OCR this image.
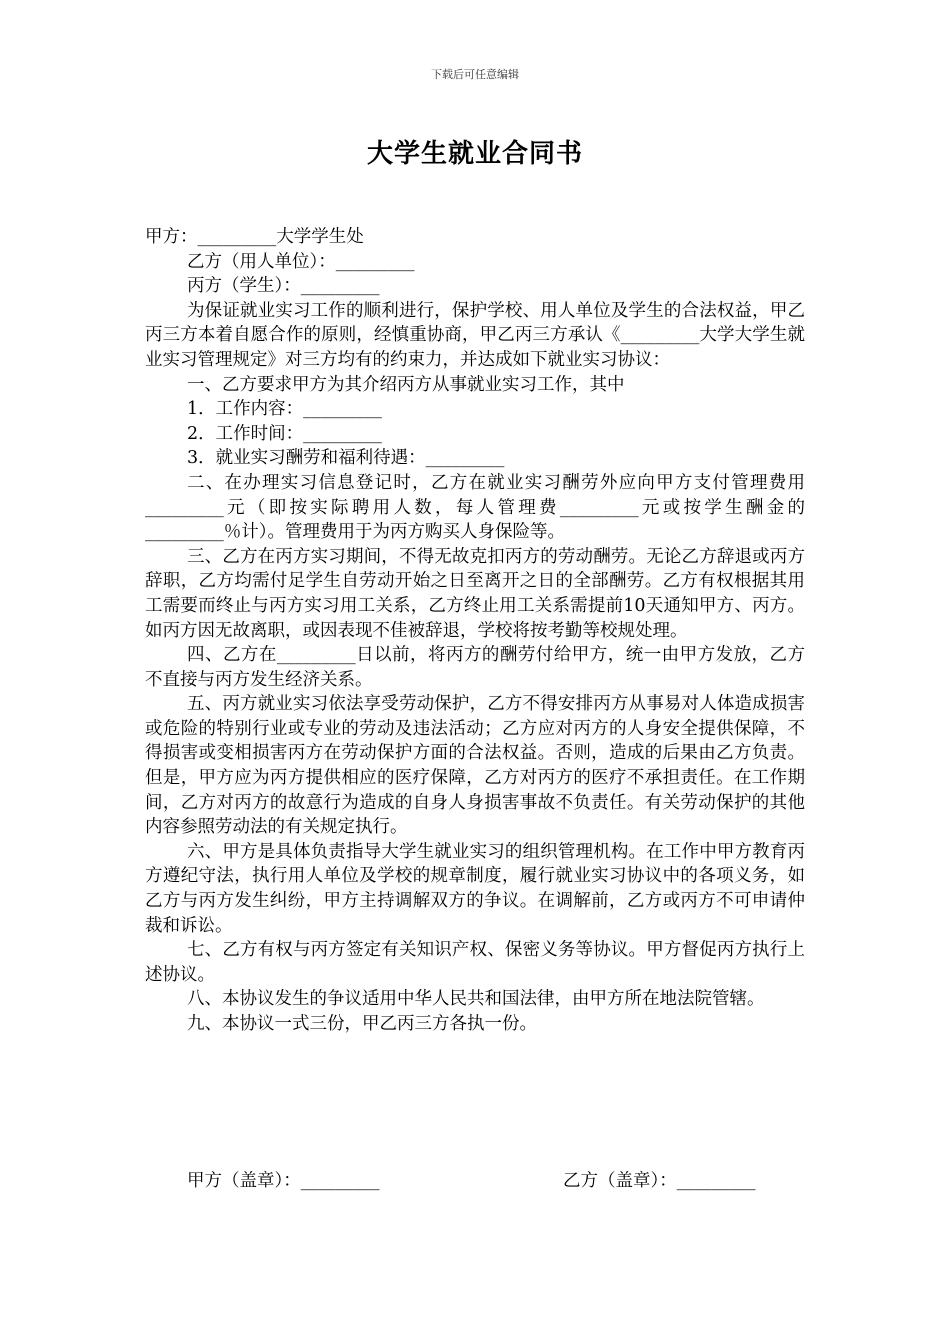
下载后可任意编辑
大学生就业合同书

甲方：_________大学学生处

乙方（用人单位）：_________

丙方（学生）：_________

为保证就业实习工作的顺利进行，保护学校、用人单位及学生的合法权益，甲乙丙三方本着自愿合作的原则，经慎重协商，甲乙丙三方承认《_________大学大学生就业实习管理规定》对三方均有的约束力，并达成如下就业实习协议：

一、乙方要求甲方为其介绍丙方从事就业实习工作，其中

1．工作内容：_________

2．工作时间：_________

3．就业实习酬劳和福利待遇：_________

二、在办理实习信息登记时，乙方在就业实习酬劳外应向甲方支付管理费用_________元（即按实际聘用人数，每人管理费_________元或按学生酬金的_________％计）。管理费用于为丙方购买人身保险等。

三、乙方在丙方实习期间，不得无故克扣丙方的劳动酬劳。无论乙方辞退或丙方辞职，乙方均需付足学生自劳动开始之日至离开之日的全部酬劳。乙方有权根据其用工需要而终止与丙方实习用工关系，乙方终止用工关系需提前10天通知甲方、丙方。如丙方因无故离职，或因表现不佳被辞退，学校将按考勤等校规处理。

四、乙方在_________日以前，将丙方的酬劳付给甲方，统一由甲方发放，乙方不直接与丙方发生经济关系。

五、丙方就业实习依法享受劳动保护，乙方不得安排丙方从事易对人体造成损害或危险的特别行业或专业的劳动及违法活动；乙方应对丙方的人身安全提供保障，不得损害或变相损害丙方在劳动保护方面的合法权益。否则，造成的后果由乙方负责。但是，甲方应为丙方提供相应的医疗保障，乙方对丙方的医疗不承担责任。在工作期间，乙方对丙方的故意行为造成的自身人身损害事故不负责任。有关劳动保护的其他内容参照劳动法的有关规定执行。

六、甲方是具体负责指导大学生就业实习的组织管理机构。在工作中甲方教育丙方遵纪守法，执行用人单位及学校的规章制度，履行就业实习协议中的各项义务，如乙方与丙方发生纠纷，甲方主持调解双方的争议。在调解前，乙方或丙方不可申请仲裁和诉讼。

七、乙方有权与丙方签定有关知识产权、保密义务等协议。甲方督促丙方执行上述协议。

八、本协议发生的争议适用中华人民共和国法律，由甲方所在地法院管辖。

九、本协议一式三份，甲乙丙三方各执一份。

甲方（盖章）：_________	乙方（盖章）：_________
